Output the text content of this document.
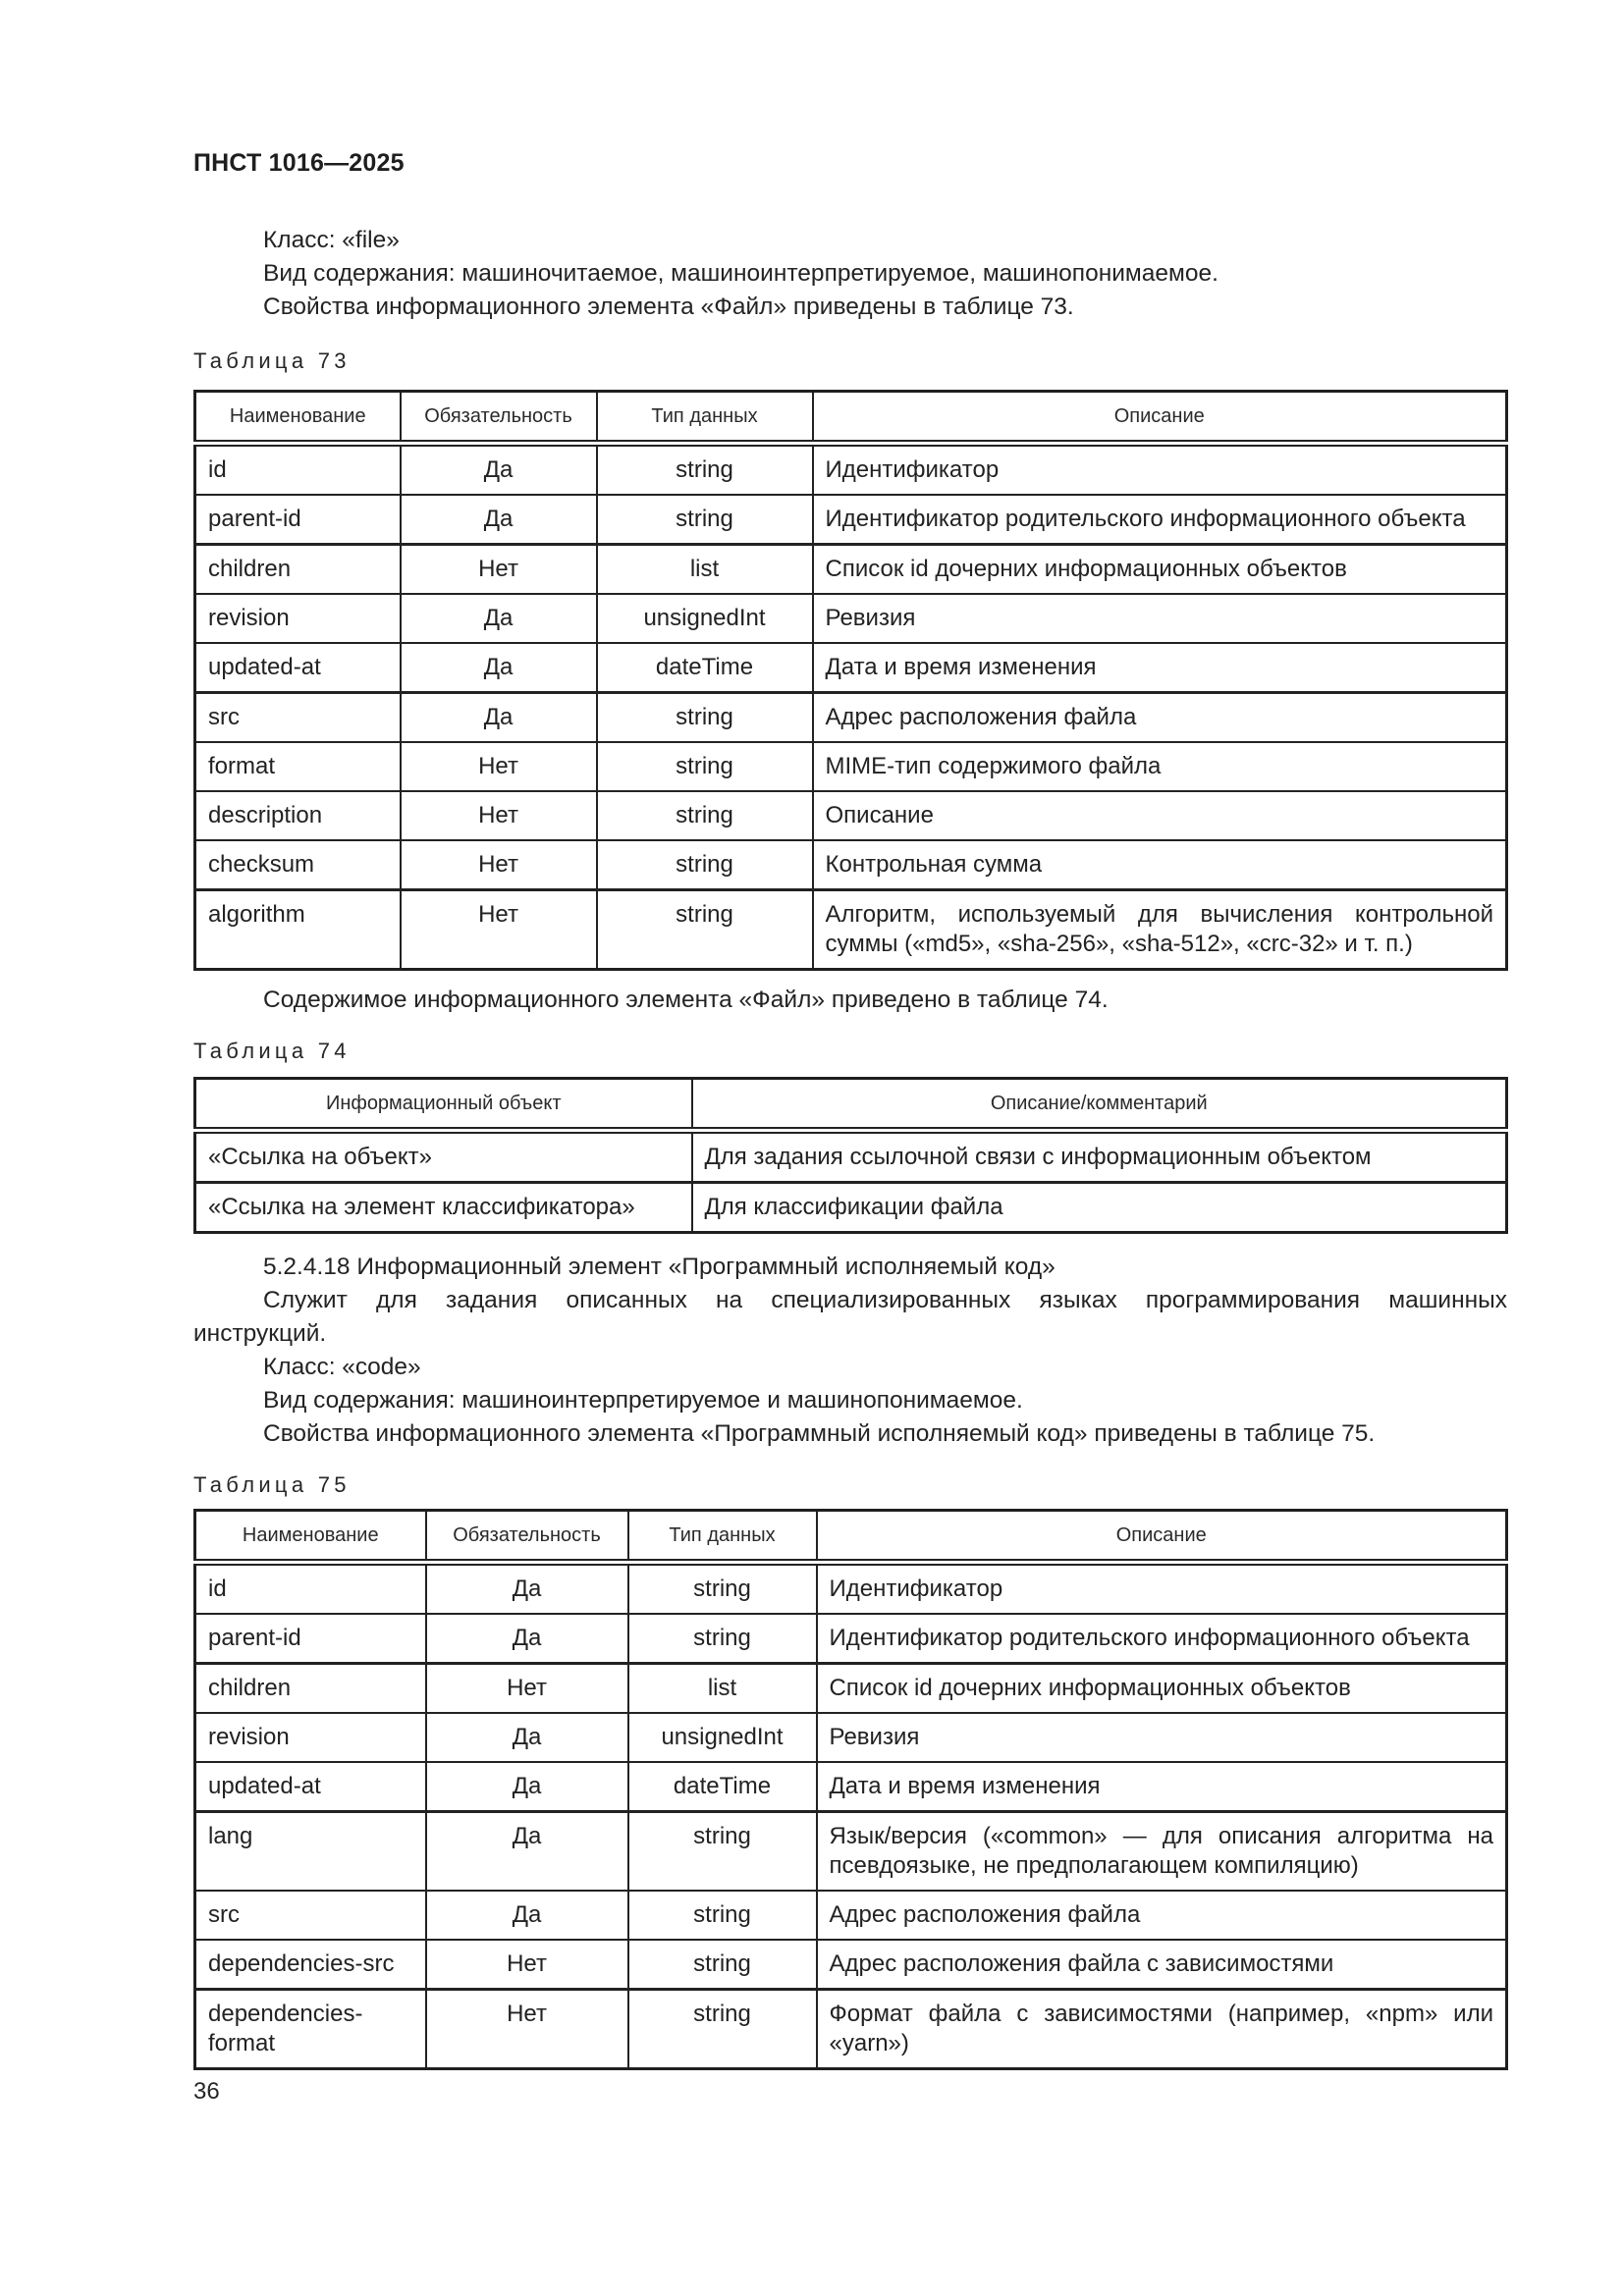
ПНСТ 1016—2025
Класс: «file»
Вид содержания: машиночитаемое, машиноинтерпретируемое, машинопонимаемое.
Свойства информационного элемента «Файл» приведены в таблице 73.
Таблица 73
Наименование	Обязательность	Тип данных	Описание
id	Да	string	Идентификатор
parent-id	Да	string	Идентификатор родительского информационного объекта
children	Нет	list	Список id дочерних информационных объектов
revision	Да	unsignedInt	Ревизия
updated-at	Да	dateTime	Дата и время изменения
src	Да	string	Адрес расположения файла
format	Нет	string	MIME-тип содержимого файла
description	Нет	string	Описание
checksum	Нет	string	Контрольная сумма
algorithm	Нет	string	Алгоритм, используемый для вычисления контрольной суммы («md5», «sha-256», «sha-512», «crc-32» и т. п.)
Содержимое информационного элемента «Файл» приведено в таблице 74.
Таблица 74
Информационный объект	Описание/комментарий
«Ссылка на объект»	Для задания ссылочной связи с информационным объектом
«Ссылка на элемент классификатора»	Для классификации файла
5.2.4.18 Информационный элемент «Программный исполняемый код»
Служит для задания описанных на специализированных языках программирования машинных
инструкций.
Класс: «code»
Вид содержания: машиноинтерпретируемое и машинопонимаемое.
Свойства информационного элемента «Программный исполняемый код» приведены в таблице 75.
Таблица 75
Наименование	Обязательность	Тип данных	Описание
id	Да	string	Идентификатор
parent-id	Да	string	Идентификатор родительского информационного объекта
children	Нет	list	Список id дочерних информационных объектов
revision	Да	unsignedInt	Ревизия
updated-at	Да	dateTime	Дата и время изменения
lang	Да	string	Язык/версия («common» — для описания алгоритма на псевдоязыке, не предполагающем компиляцию)
src	Да	string	Адрес расположения файла
dependencies-src	Нет	string	Адрес расположения файла с зависимостями
dependencies-format	Нет	string	Формат файла с зависимостями (например, «npm» или «yarn»)
36
